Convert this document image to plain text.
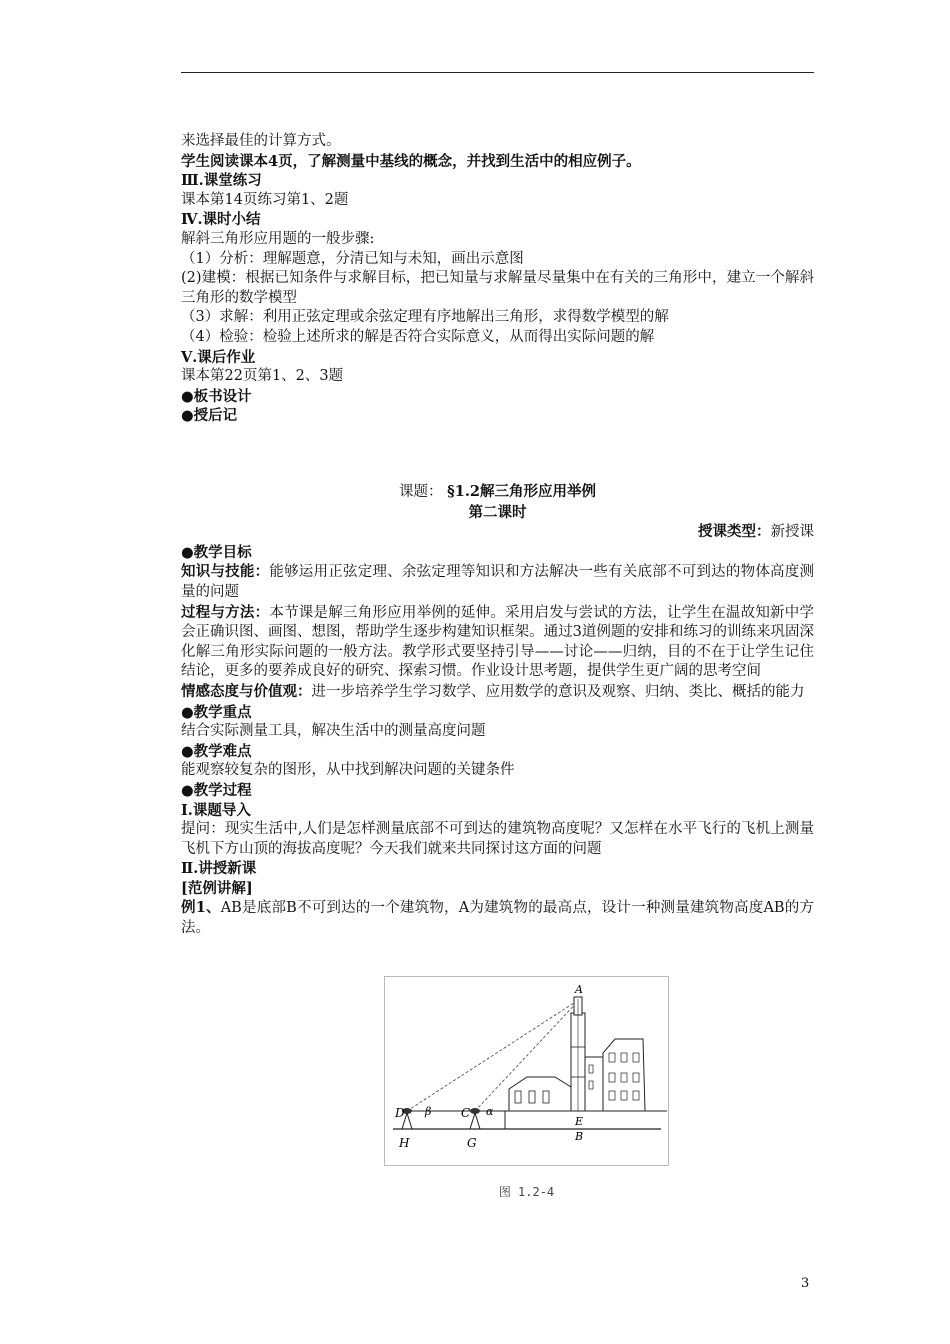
来选择最佳的计算方式。
学生阅读课本4页，了解测量中基线的概念，并找到生活中的相应例子。
Ⅲ.课堂练习
课本第14页练习第1、2题
Ⅳ.课时小结
解斜三角形应用题的一般步骤:
（1）分析：理解题意，分清已知与未知，画出示意图
(2)建模：根据已知条件与求解目标，把已知量与求解量尽量集中在有关的三角形中，建立一个解斜三角形的数学模型
（3）求解：利用正弦定理或余弦定理有序地解出三角形，求得数学模型的解
（4）检验：检验上述所求的解是否符合实际意义，从而得出实际问题的解
Ⅴ.课后作业
课本第22页第1、2、3题
●板书设计
●授后记
课题： §1.2解三角形应用举例
第二课时
授课类型：新授课
●教学目标
知识与技能：能够运用正弦定理、余弦定理等知识和方法解决一些有关底部不可到达的物体高度测量的问题
过程与方法：本节课是解三角形应用举例的延伸。采用启发与尝试的方法，让学生在温故知新中学会正确识图、画图、想图，帮助学生逐步构建知识框架。通过3道例题的安排和练习的训练来巩固深化解三角形实际问题的一般方法。教学形式要坚持引导——讨论——归纳，目的不在于让学生记住结论，更多的要养成良好的研究、探索习惯。作业设计思考题，提供学生更广阔的思考空间
情感态度与价值观：进一步培养学生学习数学、应用数学的意识及观察、归纳、类比、概括的能力
●教学重点
结合实际测量工具，解决生活中的测量高度问题
●教学难点
能观察较复杂的图形，从中找到解决问题的关键条件
●教学过程
Ⅰ.课题导入
提问：现实生活中,人们是怎样测量底部不可到达的建筑物高度呢？又怎样在水平飞行的飞机上测量飞机下方山顶的海拔高度呢？今天我们就来共同探讨这方面的问题
Ⅱ.讲授新课
[范例讲解]
例1、AB是底部B不可到达的一个建筑物，A为建筑物的最高点，设计一种测量建筑物高度AB的方法。
A
D	C
β	α
E
B
H	G
图 1.2-4
3
